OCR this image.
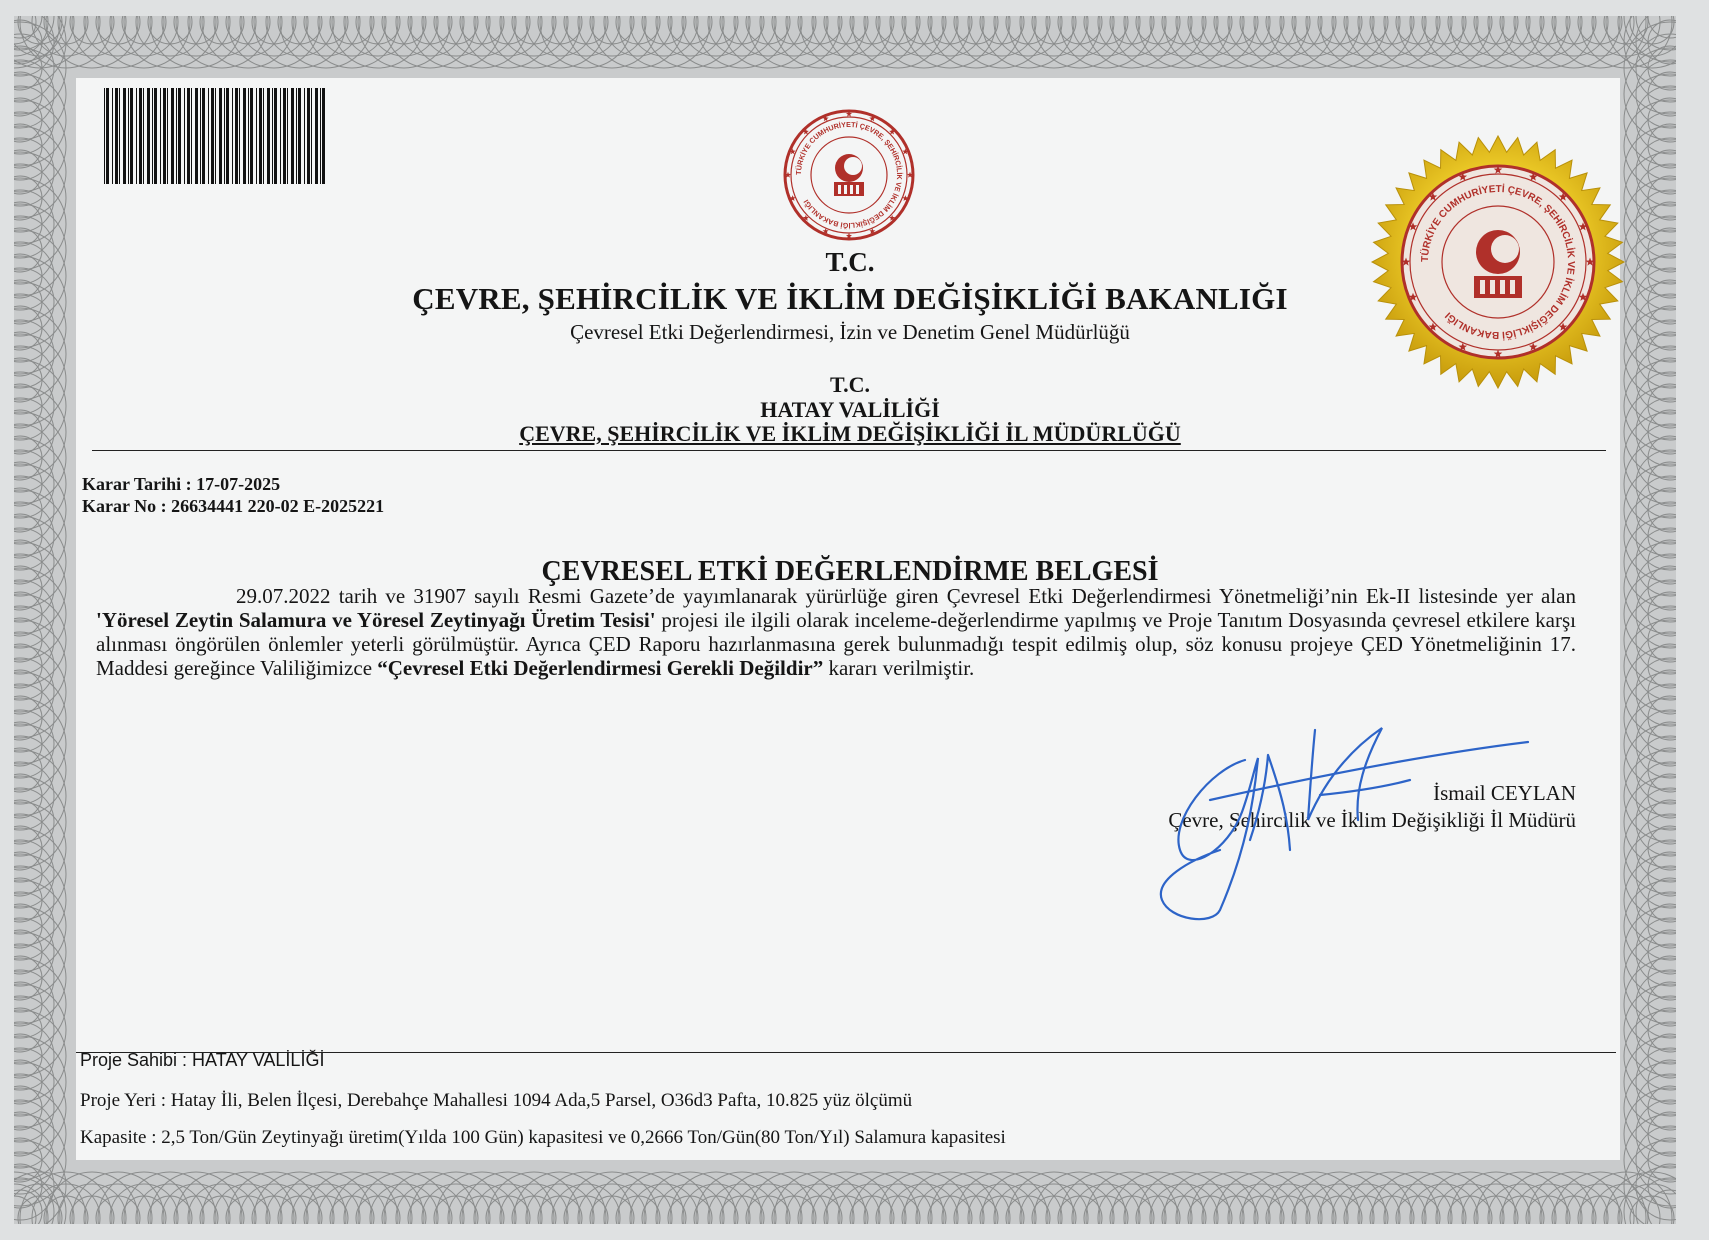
TÜRKİYE CUMHURİYETİ ÇEVRE, ŞEHİRCİLİK VE İKLİM DEĞİŞİKLİĞİ BAKANLIĞI
TÜRKİYE CUMHURİYETİ ÇEVRE, ŞEHİRCİLİK VE İKLİM DEĞİŞİKLİĞİ BAKANLIĞI
T.C.
ÇEVRE, ŞEHİRCİLİK VE İKLİM DEĞİŞİKLİĞİ BAKANLIĞI
Çevresel Etki Değerlendirmesi, İzin ve Denetim Genel Müdürlüğü
T.C.
HATAY VALİLİĞİ
ÇEVRE, ŞEHİRCİLİK VE İKLİM DEĞİŞİKLİĞİ İL MÜDÜRLÜĞÜ
Karar Tarihi : 17-07-2025
Karar No : 26634441 220-02 E-2025221
ÇEVRESEL ETKİ DEĞERLENDİRME BELGESİ
29.07.2022 tarih ve 31907 sayılı Resmi Gazete’de yayımlanarak yürürlüğe giren Çevresel Etki Değerlendirmesi Yönetmeliği’nin Ek-II listesinde yer alan 'Yöresel Zeytin Salamura ve Yöresel Zeytinyağı Üretim Tesisi' projesi ile ilgili olarak inceleme-değerlendirme yapılmış ve Proje Tanıtım Dosyasında çevresel etkilere karşı alınması öngörülen önlemler yeterli görülmüştür. Ayrıca ÇED Raporu hazırlanmasına gerek bulunmadığı tespit edilmiş olup, söz konusu projeye ÇED Yönetmeliğinin 17. Maddesi gereğince Valiliğimizce “Çevresel Etki Değerlendirmesi Gerekli Değildir” kararı verilmiştir.
İsmail CEYLAN
Çevre, Şehircilik ve İklim Değişikliği İl Müdürü
Proje Sahibi : HATAY VALİLİĞİ
Proje Yeri : Hatay İli, Belen İlçesi, Derebahçe Mahallesi 1094 Ada,5 Parsel, O36d3 Pafta, 10.825 yüz ölçümü
Kapasite : 2,5 Ton/Gün Zeytinyağı üretim(Yılda 100 Gün) kapasitesi ve 0,2666 Ton/Gün(80 Ton/Yıl) Salamura kapasitesi
